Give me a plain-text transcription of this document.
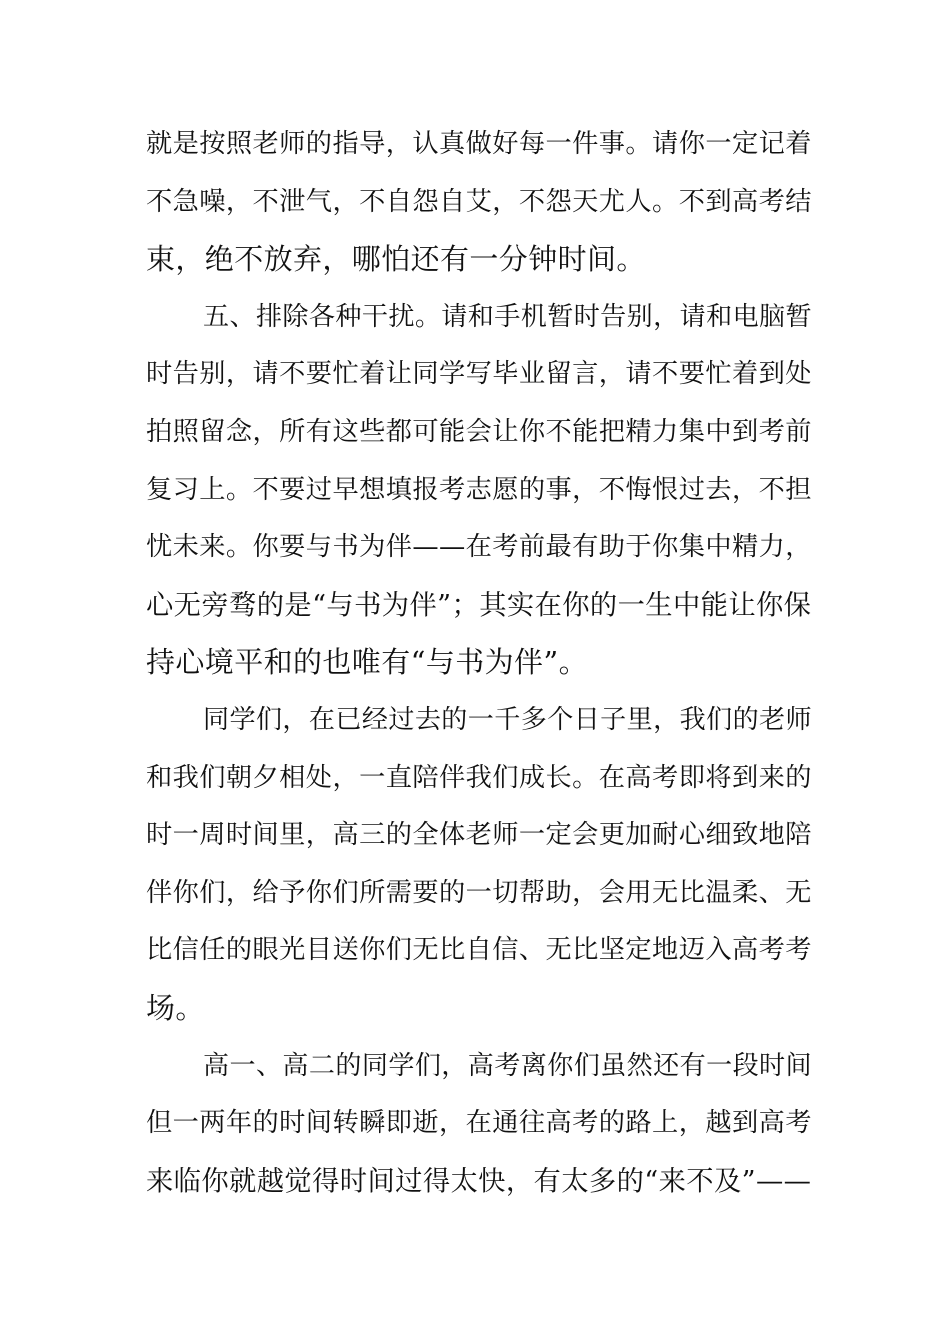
就是按照老师的指导，认真做好每一件事。请你一定记着
不急噪，不泄气，不自怨自艾，不怨天尤人。不到高考结
束，绝不放弃，哪怕还有一分钟时间。
五、排除各种干扰。请和手机暂时告别，请和电脑暂
时告别，请不要忙着让同学写毕业留言，请不要忙着到处
拍照留念，所有这些都可能会让你不能把精力集中到考前
复习上。不要过早想填报考志愿的事，不悔恨过去，不担
忧未来。你要与书为伴——在考前最有助于你集中精力，
心无旁骛的是“与书为伴”；其实在你的一生中能让你保
持心境平和的也唯有“与书为伴”。
同学们，在已经过去的一千多个日子里，我们的老师
和我们朝夕相处，一直陪伴我们成长。在高考即将到来的
时一周时间里，高三的全体老师一定会更加耐心细致地陪
伴你们，给予你们所需要的一切帮助，会用无比温柔、无
比信任的眼光目送你们无比自信、无比坚定地迈入高考考
场。
高一、高二的同学们，高考离你们虽然还有一段时间
但一两年的时间转瞬即逝，在通往高考的路上，越到高考
来临你就越觉得时间过得太快，有太多的“来不及”——
